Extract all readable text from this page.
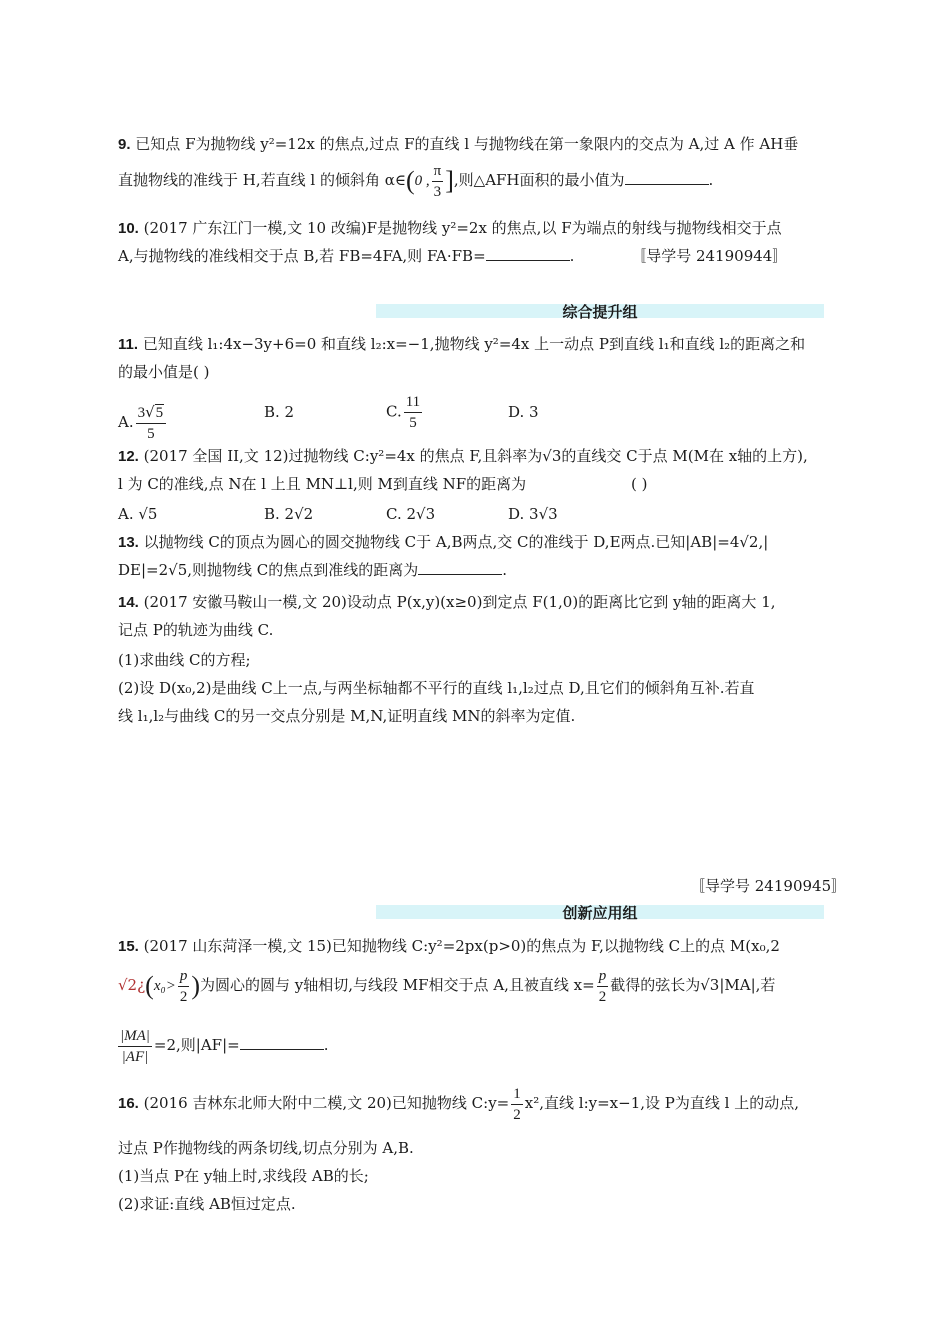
9. 已知点 F为抛物线 y²=12x 的焦点,过点 F的直线 l 与抛物线在第一象限内的交点为 A,过 A 作 AH垂
直抛物线的准线于 H,若直线 l 的倾斜角 α∈(0 , $\frac{\pi}{3}$ ],则△AFH面积的最小值为	.
10. (2017 广东江门一模,文 10 改编)F是抛物线 y²=2x 的焦点,以 F为端点的射线与抛物线相交于点
A,与抛物线的准线相交于点 B,若 FB=4FA,则 FA·FB=	.	〚导学号 24190944〛
综合提升组
11. 已知直线 l₁:4x−3y+6=0 和直线 l₂:x=−1,抛物线 y²=4x 上一动点 P到直线 l₁和直线 l₂的距离之和
的最小值是( )
A. $\frac{3√5}{5}$	B. 2	C. $\frac{11}{5}$	D. 3
12. (2017 全国 II,文 12)过抛物线 C:y²=4x 的焦点 F,且斜率为√3的直线交 C于点 M(M在 x轴的上方),
l 为 C的准线,点 N在 l 上且 MN⊥l,则 M到直线 NF的距离为	( )
A. √5	B. 2√2	C. 2√3	D. 3√3
13. 以抛物线 C的顶点为圆心的圆交抛物线 C于 A,B两点,交 C的准线于 D,E两点.已知|AB|=4√2,|
DE|=2√5,则抛物线 C的焦点到准线的距离为	.
14. (2017 安徽马鞍山一模,文 20)设动点 P(x,y)(x≥0)到定点 F(1,0)的距离比它到 y轴的距离大 1,
记点 P的轨迹为曲线 C.
(1)求曲线 C的方程;
(2)设 D(x₀,2)是曲线 C上一点,与两坐标轴都不平行的直线 l₁,l₂过点 D,且它们的倾斜角互补.若直
线 l₁,l₂与曲线 C的另一交点分别是 M,N,证明直线 MN的斜率为定值.
〚导学号 24190945〛
创新应用组
15. (2017 山东菏泽一模,文 15)已知抛物线 C:y²=2px(p>0)的焦点为 F,以抛物线 C上的点 M(x₀,2
√2¿(x₀> $\frac{p}{2}$ )为圆心的圆与 y轴相切,与线段 MF相交于点 A,且被直线 $x= \frac{p}{2}$ 截得的弦长为√3|MA|,若
$\frac{|MA|}{|AF|} =2$,则|AF|=	.
16. (2016 吉林东北师大附中二模,文 20)已知抛物线 C:y= $\frac{1}{2} x^2$,直线 l:y=x−1,设 P为直线 l 上的动点,
过点 P作抛物线的两条切线,切点分别为 A,B.
(1)当点 P在 y轴上时,求线段 AB的长;
(2)求证:直线 AB恒过定点.
